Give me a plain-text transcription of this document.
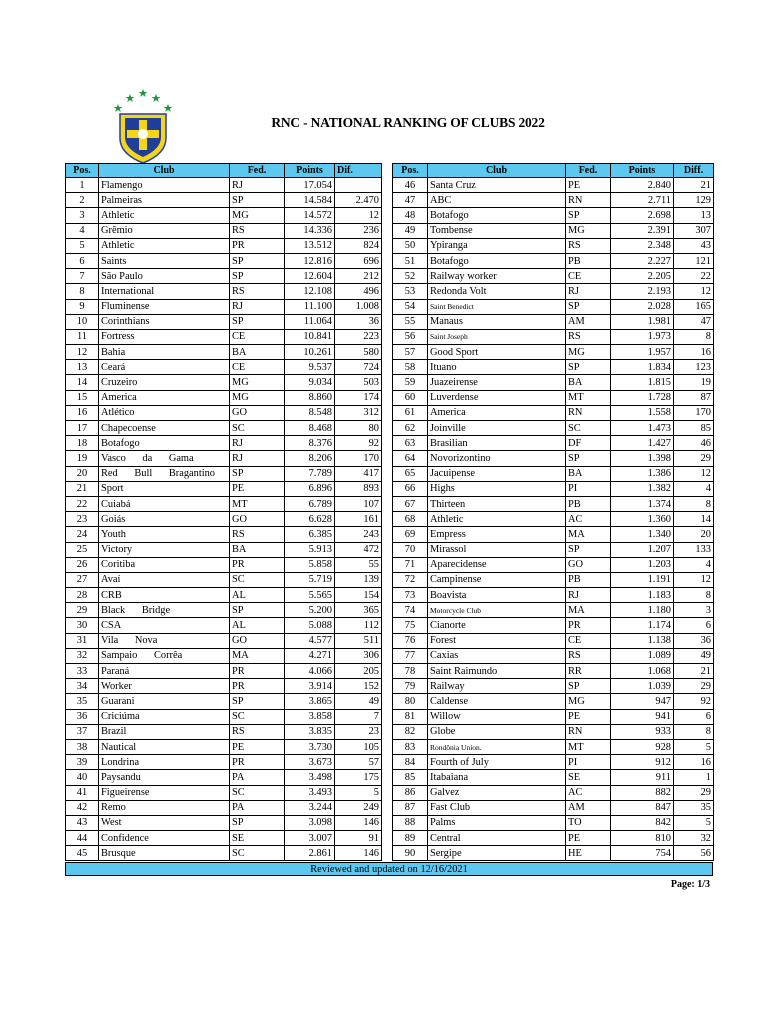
RNC - NATIONAL RANKING OF CLUBS 2022
Pos.	Club	Fed.	Points	Dif.
1	Flamengo	RJ	17.054	
2	Palmeiras	SP	14.584	2.470
3	Athletic	MG	14.572	12
4	Grêmio	RS	14.336	236
5	Athletic	PR	13.512	824
6	Saints	SP	12.816	696
7	São Paulo	SP	12.604	212
8	International	RS	12.108	496
9	Fluminense	RJ	11.100	1.008
10	Corinthians	SP	11.064	36
11	Fortress	CE	10.841	223
12	Bahia	BA	10.261	580
13	Ceará	CE	9.537	724
14	Cruzeiro	MG	9.034	503
15	America	MG	8.860	174
16	Atlético	GO	8.548	312
17	Chapecoense	SC	8.468	80
18	Botafogo	RJ	8.376	92
19	Vasco da Gama	RJ	8.206	170
20	Red Bull Bragantino	SP	7.789	417
21	Sport	PE	6.896	893
22	Cuiabá	MT	6.789	107
23	Goiás	GO	6.628	161
24	Youth	RS	6.385	243
25	Victory	BA	5.913	472
26	Coritiba	PR	5.858	55
27	Avaí	SC	5.719	139
28	CRB	AL	5.565	154
29	Black Bridge	SP	5.200	365
30	CSA	AL	5.088	112
31	Vila Nova	GO	4.577	511
32	Sampaio Corrêa	MA	4.271	306
33	Paraná	PR	4.066	205
34	Worker	PR	3.914	152
35	Guarani	SP	3.865	49
36	Criciúma	SC	3.858	7
37	Brazil	RS	3.835	23
38	Nautical	PE	3.730	105
39	Londrina	PR	3.673	57
40	Paysandu	PA	3.498	175
41	Figueirense	SC	3.493	5
42	Remo	PA	3.244	249
43	West	SP	3.098	146
44	Confidence	SE	3.007	91
45	Brusque	SC	2.861	146
Pos.	Club	Fed.	Points	Diff.
46	Santa Cruz	PE	2.840	21
47	ABC	RN	2.711	129
48	Botafogo	SP	2.698	13
49	Tombense	MG	2.391	307
50	Ypiranga	RS	2.348	43
51	Botafogo	PB	2.227	121
52	Railway worker	CE	2.205	22
53	Redonda Volt	RJ	2.193	12
54	Saint Benedict	SP	2.028	165
55	Manaus	AM	1.981	47
56	Saint Joseph	RS	1.973	8
57	Good Sport	MG	1.957	16
58	Ituano	SP	1.834	123
59	Juazeirense	BA	1.815	19
60	Luverdense	MT	1.728	87
61	America	RN	1.558	170
62	Joinville	SC	1.473	85
63	Brasilian	DF	1.427	46
64	Novorizontino	SP	1.398	29
65	Jacuipense	BA	1.386	12
66	Highs	PI	1.382	4
67	Thirteen	PB	1.374	8
68	Athletic	AC	1.360	14
69	Empress	MA	1.340	20
70	Mirassol	SP	1.207	133
71	Aparecidense	GO	1.203	4
72	Campinense	PB	1.191	12
73	Boavista	RJ	1.183	8
74	Motorcycle Club	MA	1.180	3
75	Cianorte	PR	1.174	6
76	Forest	CE	1.138	36
77	Caxias	RS	1.089	49
78	Saint Raimundo	RR	1.068	21
79	Railway	SP	1.039	29
80	Caldense	MG	947	92
81	Willow	PE	941	6
82	Globe	RN	933	8
83	Rondônia Union.	MT	928	5
84	Fourth of July	PI	912	16
85	Itabaiana	SE	911	1
86	Galvez	AC	882	29
87	Fast Club	AM	847	35
88	Palms	TO	842	5
89	Central	PE	810	32
90	Sergipe	HE	754	56
Reviewed and updated on 12/16/2021
Page: 1/3
